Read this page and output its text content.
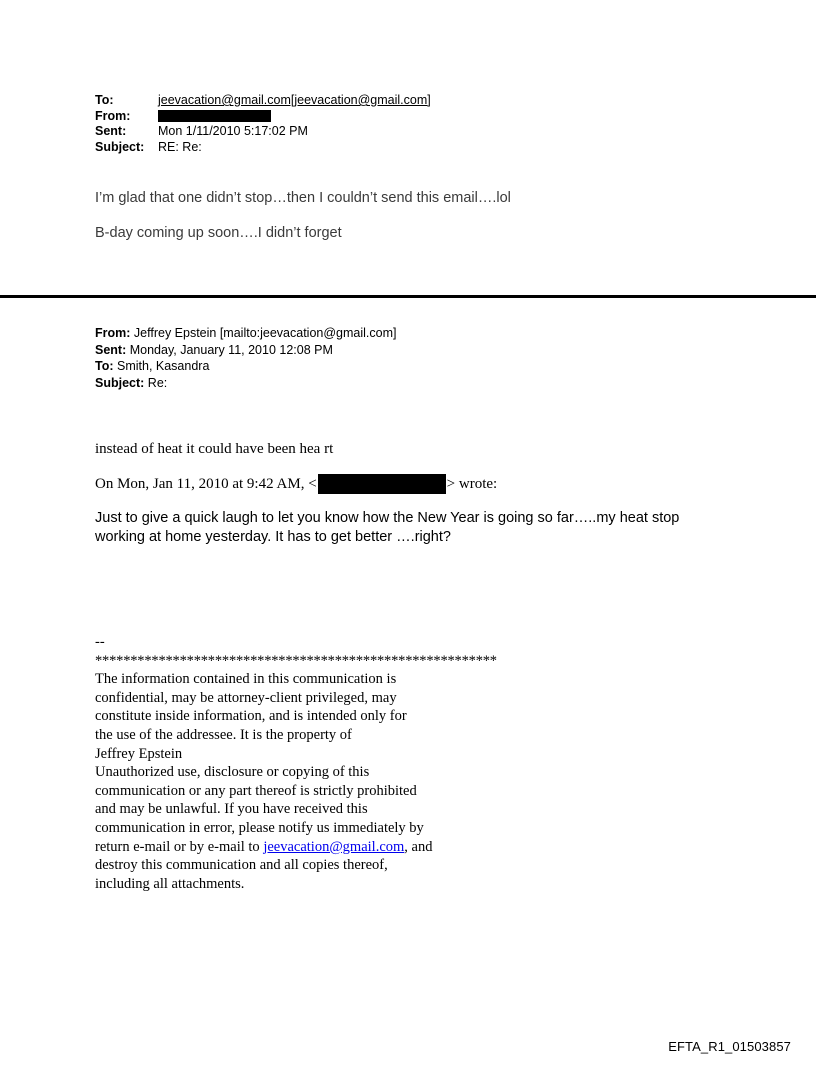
To:	jeevacation@gmail.com[jeevacation@gmail.com]
From:
Sent:	Mon 1/11/2010 5:17:02 PM
Subject:	RE: Re:

I’m glad that one didn’t stop…then I couldn’t send this email….lol

B-day coming up soon….I didn’t forget

From: Jeffrey Epstein [mailto:jeevacation@gmail.com]
Sent: Monday, January 11, 2010 12:08 PM
To: Smith, Kasandra
Subject: Re:
instead of heat it could have been hea rt
On Mon, Jan 11, 2010 at 9:42 AM, <	> wrote:
Just to give a quick laugh to let you know how the New Year is going so far…..my heat stop working at home yesterday. It has to get better ….right?
--
*********************************************************
The information contained in this communication is
confidential, may be attorney-client privileged, may
constitute inside information, and is intended only for
the use of the addressee. It is the property of
Jeffrey Epstein
Unauthorized use, disclosure or copying of this
communication or any part thereof is strictly prohibited
and may be unlawful. If you have received this
communication in error, please notify us immediately by
return e-mail or by e-mail to jeevacation@gmail.com, and
destroy this communication and all copies thereof,
including all attachments.
EFTA_R1_01503857
